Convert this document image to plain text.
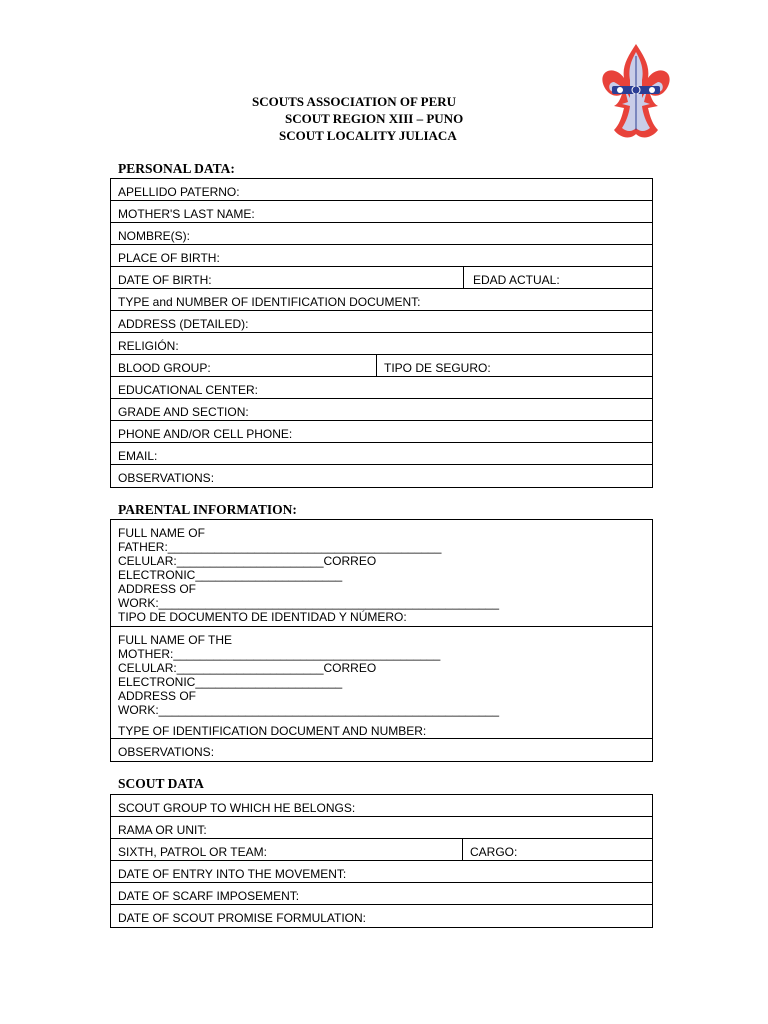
SCOUTS ASSOCIATION OF PERU
SCOUT REGION XIII – PUNO
SCOUT LOCALITY JULIACA
PERSONAL DATA:
APELLIDO PATERNO:
MOTHER'S LAST NAME:
NOMBRE(S):
PLACE OF BIRTH:
DATE OF BIRTH:	EDAD ACTUAL:
TYPE and NUMBER OF IDENTIFICATION DOCUMENT:
ADDRESS (DETAILED):
RELIGIÓN:
BLOOD GROUP:	TIPO DE SEGURO:
EDUCATIONAL CENTER:
GRADE AND SECTION:
PHONE AND/OR CELL PHONE:
EMAIL:
OBSERVATIONS:
PARENTAL INFORMATION:
FULL NAME OF
FATHER:_________________________________________
CELULAR:______________________CORREO
ELECTRONIC______________________
ADDRESS OF
WORK:___________________________________________________
TIPO DE DOCUMENTO DE IDENTIDAD Y NÚMERO:
FULL NAME OF THE
MOTHER:________________________________________
CELULAR:______________________CORREO
ELECTRONIC______________________
ADDRESS OF
WORK:___________________________________________________
TYPE OF IDENTIFICATION DOCUMENT AND NUMBER:
OBSERVATIONS:
SCOUT DATA
SCOUT GROUP TO WHICH HE BELONGS:
RAMA OR UNIT:
SIXTH, PATROL OR TEAM:	CARGO:
DATE OF ENTRY INTO THE MOVEMENT:
DATE OF SCARF IMPOSEMENT:
DATE OF SCOUT PROMISE FORMULATION:
